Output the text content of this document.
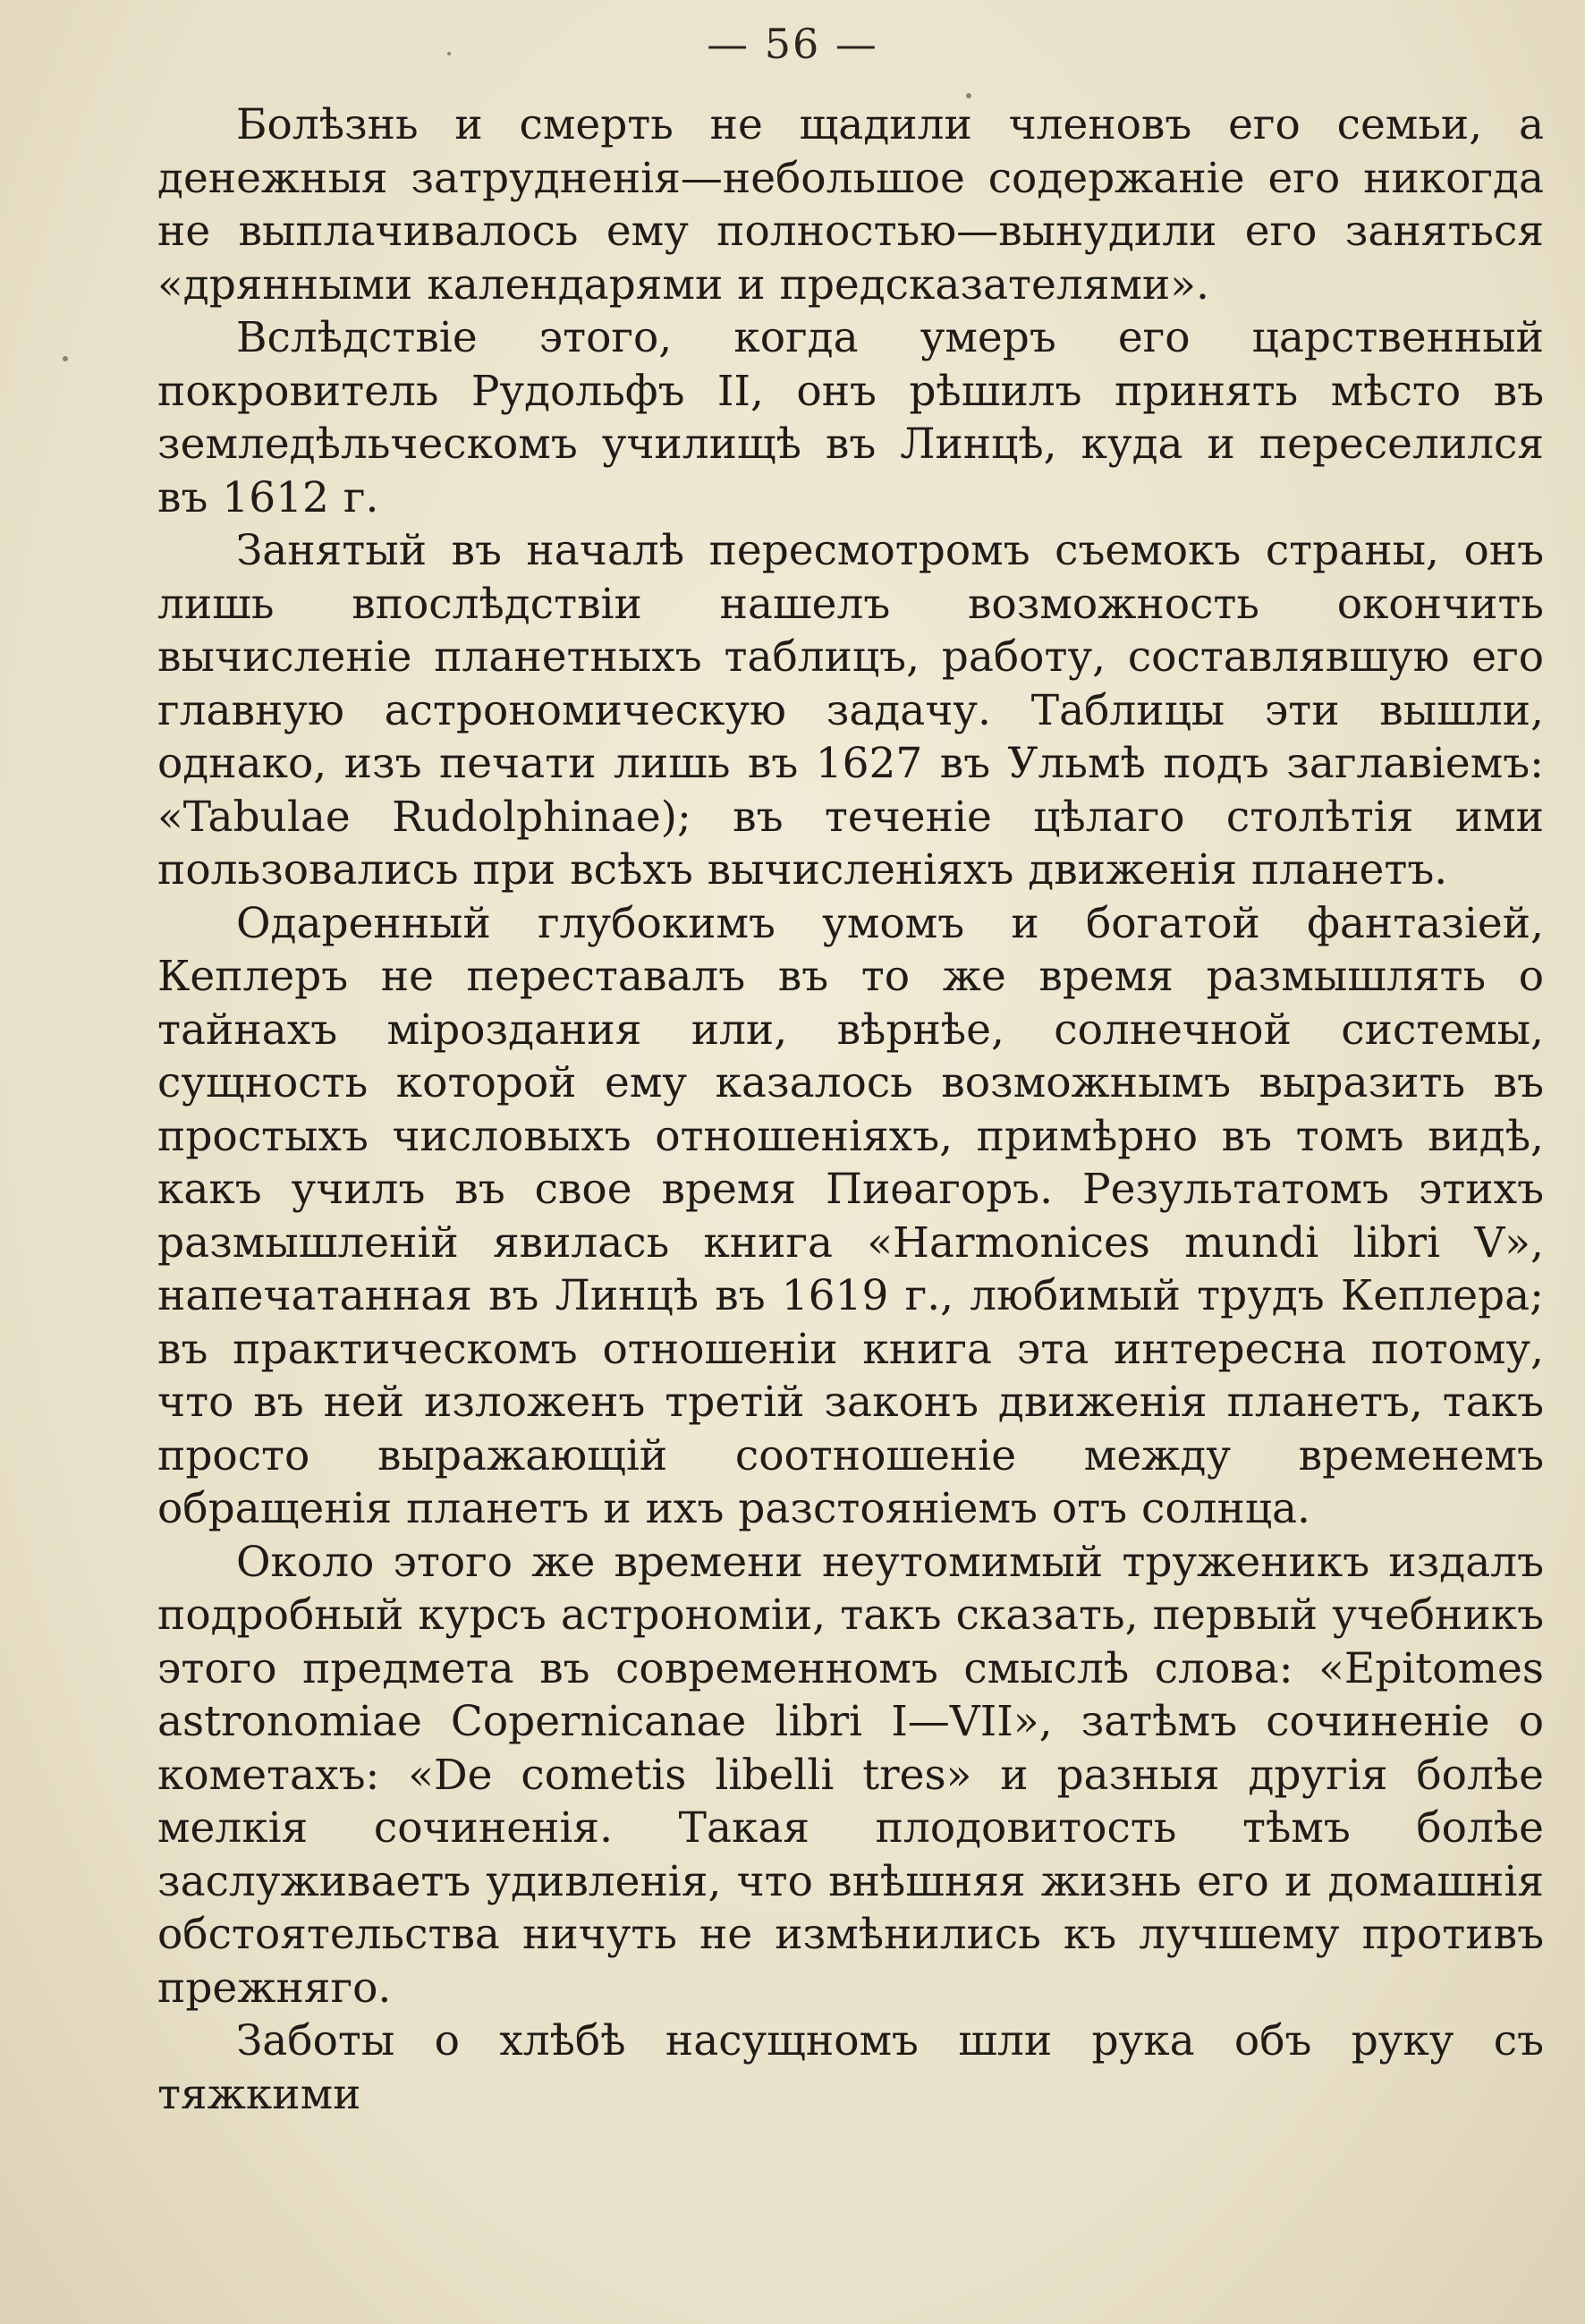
— 56 —

Болѣзнь и смерть не щадили членовъ его семьи, а денежныя затрудненія—небольшое содержаніе его никогда не выплачивалось ему полностью—вынудили его заняться «дрянными календарями и предсказателями».

Вслѣдствіе этого, когда умеръ его царственный покровитель Рудольфъ II, онъ рѣшилъ принять мѣсто въ земледѣльческомъ училищѣ въ Линцѣ, куда и переселился въ 1612 г.

Занятый въ началѣ пересмотромъ съемокъ страны, онъ лишь впослѣдствіи нашелъ возможность окончить вычисленіе планетныхъ таблицъ, работу, составлявшую его главную астрономическую задачу. Таблицы эти вышли, однако, изъ печати лишь въ 1627 въ Ульмѣ подъ заглавіемъ: «Tabulae Rudolphinae); въ теченіе цѣлаго столѣтія ими пользовались при всѣхъ вычисленіяхъ движенія планетъ.

Одаренный глубокимъ умомъ и богатой фантазіей, Кеплеръ не переставалъ въ то же время размышлять о тайнахъ міроздания или, вѣрнѣе, солнечной системы, сущность которой ему казалось возможнымъ выразить въ простыхъ числовыхъ отношеніяхъ, примѣрно въ томъ видѣ, какъ училъ въ свое время Пиѳагоръ. Результатомъ этихъ размышленій явилась книга «Harmonices mundi libri V», напечатанная въ Линцѣ въ 1619 г., любимый трудъ Кеплера; въ практическомъ отношеніи книга эта интересна потому, что въ ней изложенъ третій законъ движенія планетъ, такъ просто выражающій соотношеніе между временемъ обращенія планетъ и ихъ разстояніемъ отъ солнца.

Около этого же времени неутомимый труженикъ издалъ подробный курсъ астрономіи, такъ сказать, первый учебникъ этого предмета въ современномъ смыслѣ слова: «Epitomes astronomiae Copernicanae libri I—VII», затѣмъ сочиненіе о кометахъ: «De cometis libelli tres» и разныя другія болѣе мелкія сочиненія. Такая плодовитость тѣмъ болѣе заслуживаетъ удивленія, что внѣшняя жизнь его и домашнія обстоятельства ничуть не измѣнились къ лучшему противъ прежняго.

Заботы о хлѣбѣ насущномъ шли рука объ руку съ тяжкими
